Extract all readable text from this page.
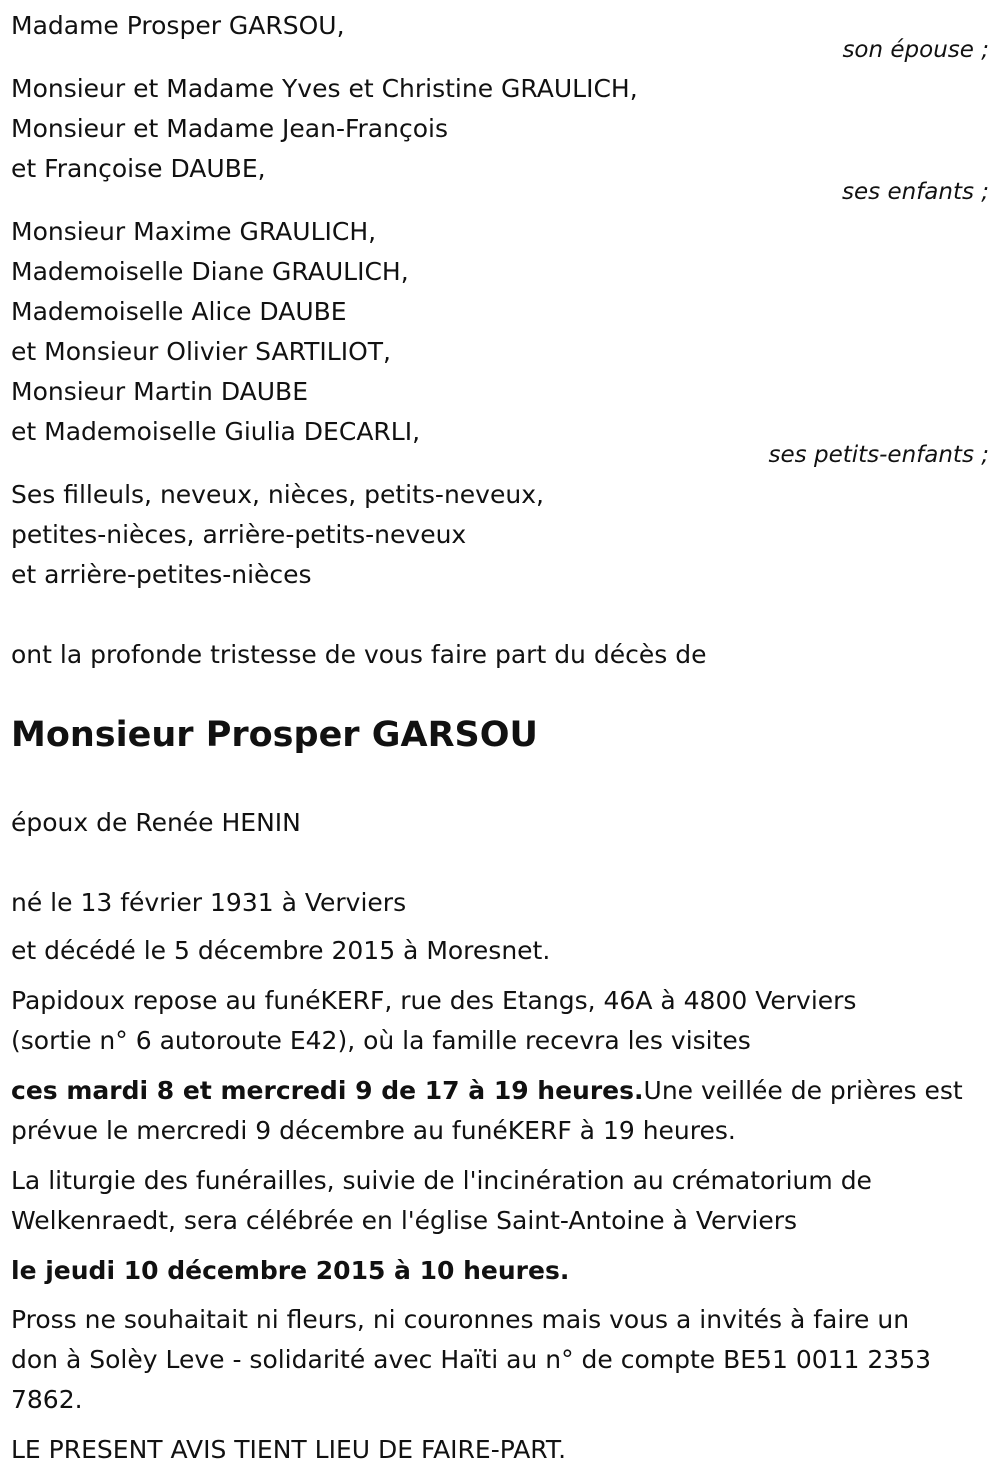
Madame Prosper GARSOU,
son épouse ;
Monsieur et Madame Yves et Christine GRAULICH,
Monsieur et Madame Jean-François
et Françoise DAUBE,
ses enfants ;
Monsieur Maxime GRAULICH,
Mademoiselle Diane GRAULICH,
Mademoiselle Alice DAUBE
et Monsieur Olivier SARTILIOT,
Monsieur Martin DAUBE
et Mademoiselle Giulia DECARLI,
ses petits-enfants ;
Ses filleuls, neveux, nièces, petits-neveux,
petites-nièces, arrière-petits-neveux
et arrière-petites-nièces
ont la profonde tristesse de vous faire part du décès de
Monsieur Prosper GARSOU
époux de Renée HENIN
né le 13 février 1931 à Verviers
et décédé le 5 décembre 2015 à Moresnet.
Papidoux repose au funéKERF, rue des Etangs, 46A à 4800 Verviers
(sortie n° 6 autoroute E42), où la famille recevra les visites
ces mardi 8 et mercredi 9 de 17 à 19 heures.Une veillée de prières est
prévue le mercredi 9 décembre au funéKERF à 19 heures.
La liturgie des funérailles, suivie de l'incinération au crématorium de
Welkenraedt, sera célébrée en l'église Saint-Antoine à Verviers
le jeudi 10 décembre 2015 à 10 heures.
Pross ne souhaitait ni fleurs, ni couronnes mais vous a invités à faire un
don à Solèy Leve - solidarité avec Haïti au n° de compte BE51 0011 2353
7862.
LE PRESENT AVIS TIENT LIEU DE FAIRE-PART.
